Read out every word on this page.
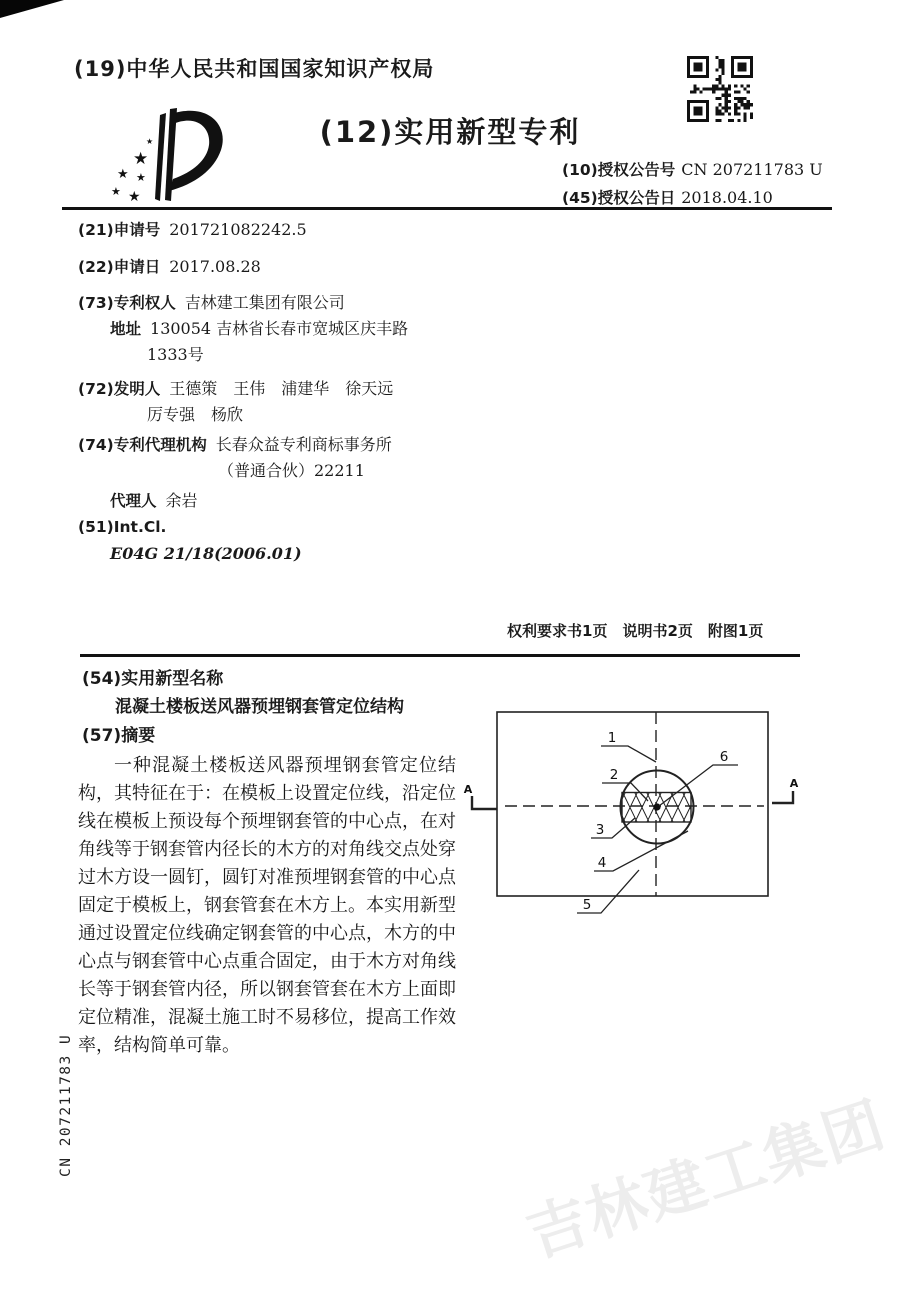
(19)中华人民共和国国家知识产权局
★
★ ★
★ ★
★	(12)实用新型专利
(10)授权公告号 CN 207211783 U
(45)授权公告日 2018.04.10
(21)申请号 201721082242.5
(22)申请日 2017.08.28
(73)专利权人 吉林建工集团有限公司
地址 130054 吉林省长春市宽城区庆丰路
1333号
(72)发明人 王德策　王伟　浦建华　徐天远
厉专强　杨欣
(74)专利代理机构 长春众益专利商标事务所
（普通合伙）22211
代理人 余岩
(51)Int.Cl.
E04G 21/18(2006.01)
权利要求书1页　说明书2页　附图1页
(54)实用新型名称
混凝土楼板送风器预埋钢套管定位结构
(57)摘要
一种混凝土楼板送风器预埋钢套管定位结构，其特征在于：在模板上设置定位线，沿定位线在模板上预设每个预埋钢套管的中心点，在对角线等于钢套管内径长的木方的对角线交点处穿过木方设一圆钉，圆钉对准预埋钢套管的中心点固定于模板上，钢套管套在木方上。本实用新型通过设置定位线确定钢套管的中心点，木方的中心点与钢套管中心点重合固定，由于木方对角线长等于钢套管内径，所以钢套管套在木方上面即定位精准，混凝土施工时不易移位，提高工作效率，结构简单可靠。
A	A
1
2
3
4
5
6
CN 207211783 U	吉林建工集团
